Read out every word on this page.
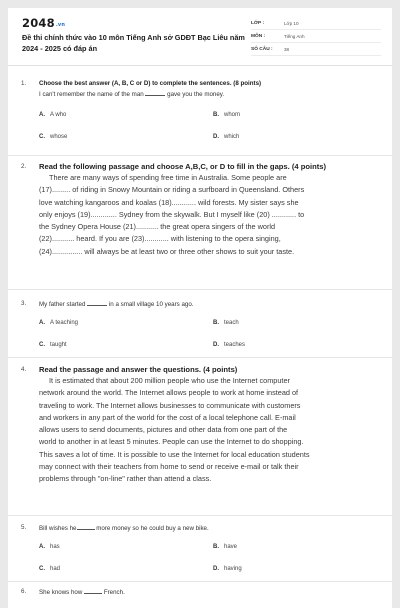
2048.vn
Đề thi chính thức vào 10 môn Tiếng Anh sở GDĐT Bạc Liêu năm 2024 - 2025 có đáp án
LỚP :	Lớp 10
MÔN :	Tiếng Anh
SỐ CÂU :	38
1. Choose the best answer (A, B, C or D) to complete the sentences. (8 points)
I can't remember the name of the man	gave you the money.
A. A who	B. whom
C. whose	D. which
2. Read the following passage and choose A,B,C, or D to fill in the gaps. (4 points)

There are many ways of spending free time in Australia. Some people are

(17)......... of riding in Snowy Mountain or riding a surfboard in Queensland. Others
love watching kangaroos and koalas (18)............ wild forests. My sister says she
only enjoys (19)............. Sydney from the skywalk. But I myself like (20) ............ to
the Sydney Opera House (21)........... the great opera singers of the world
(22)........... heard. If you are (23)............ with listening to the opera singing,
(24)............... will always be at least two or three other shows to suit your taste.
3. My father started	in a small village 10 years ago.
A. A teaching	B. teach
C. taught	D. teaches
4. Read the passage and answer the questions. (4 points)

It is estimated that about 200 million people who use the Internet computer

network around the world. The Internet allows people to work at home instead of
traveling to work. The Internet allows businesses to communicate with customers
and workers in any part of the world for the cost of a local telephone call. E-mail
allows users to send documents, pictures and other data from one part of the
world to another in at least 5 minutes. People can use the Internet to do shopping.
This saves a lot of time. It is possible to use the Internet for local education students
may connect with their teachers from home to send or receive e-mail or talk their
problems through "on-line" rather than attend a class.
5. Bill wishes he	more money so he could buy a new bike.
A. has	B. have
C. had	D. having
6. She knows how	French.
